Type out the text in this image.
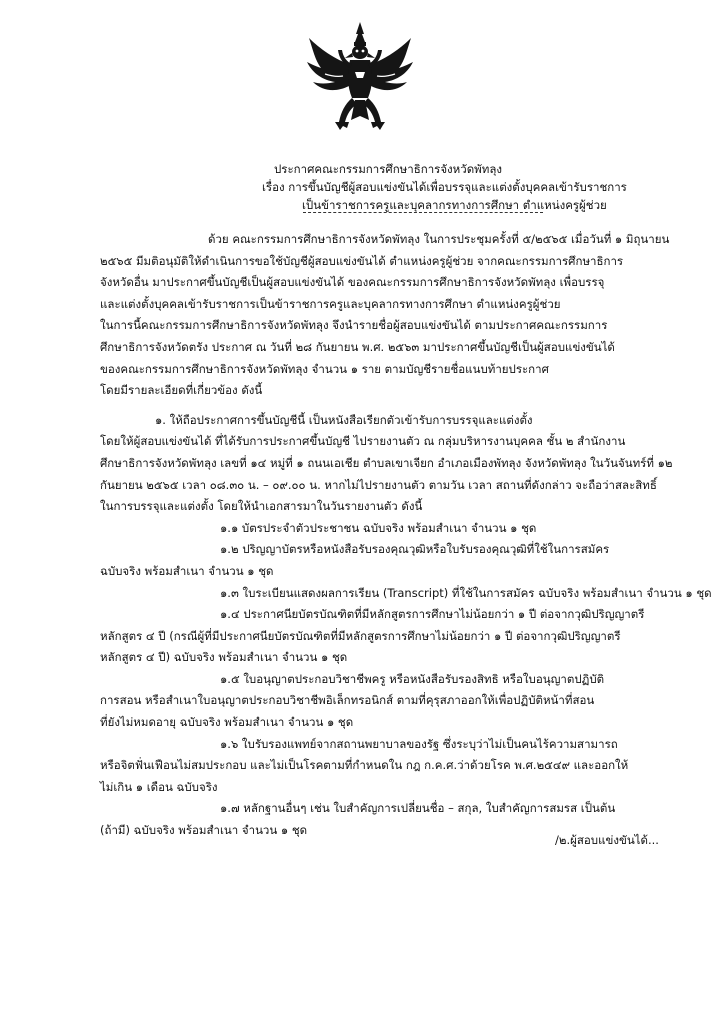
ประกาศคณะกรรมการศึกษาธิการจังหวัดพัทลุง
เรื่อง การขึ้นบัญชีผู้สอบแข่งขันได้เพื่อบรรจุและแต่งตั้งบุคคลเข้ารับราชการ
เป็นข้าราชการครูและบุคลากรทางการศึกษา ตำแหน่งครูผู้ช่วย
ด้วย คณะกรรมการศึกษาธิการจังหวัดพัทลุง ในการประชุมครั้งที่ ๕/๒๕๖๕ เมื่อวันที่ ๑ มิถุนายน
๒๕๖๕ มีมติอนุมัติให้ดำเนินการขอใช้บัญชีผู้สอบแข่งขันได้ ตำแหน่งครูผู้ช่วย จากคณะกรรมการศึกษาธิการ
จังหวัดอื่น มาประกาศขึ้นบัญชีเป็นผู้สอบแข่งขันได้ ของคณะกรรมการศึกษาธิการจังหวัดพัทลุง เพื่อบรรจุ
และแต่งตั้งบุคคลเข้ารับราชการเป็นข้าราชการครูและบุคลากรทางการศึกษา ตำแหน่งครูผู้ช่วย
ในการนี้คณะกรรมการศึกษาธิการจังหวัดพัทลุง จึงนำรายชื่อผู้สอบแข่งขันได้ ตามประกาศคณะกรรมการ
ศึกษาธิการจังหวัดตรัง ประกาศ ณ วันที่ ๒๘ กันยายน พ.ศ. ๒๕๖๓ มาประกาศขึ้นบัญชีเป็นผู้สอบแข่งขันได้
ของคณะกรรมการศึกษาธิการจังหวัดพัทลุง จำนวน ๑ ราย ตามบัญชีรายชื่อแนบท้ายประกาศ
โดยมีรายละเอียดที่เกี่ยวข้อง ดังนี้
๑. ให้ถือประกาศการขึ้นบัญชีนี้ เป็นหนังสือเรียกตัวเข้ารับการบรรจุและแต่งตั้ง
โดยให้ผู้สอบแข่งขันได้ ที่ได้รับการประกาศขึ้นบัญชี ไปรายงานตัว ณ กลุ่มบริหารงานบุคคล ชั้น ๒ สำนักงาน
ศึกษาธิการจังหวัดพัทลุง เลขที่ ๑๔ หมู่ที่ ๑ ถนนเอเชีย ตำบลเขาเจียก อำเภอเมืองพัทลุง จังหวัดพัทลุง ในวันจันทร์ที่ ๑๒
กันยายน ๒๕๖๕ เวลา ๐๘.๓๐ น. – ๐๙.๐๐ น. หากไม่ไปรายงานตัว ตามวัน เวลา สถานที่ดังกล่าว จะถือว่าสละสิทธิ์
ในการบรรจุและแต่งตั้ง โดยให้นำเอกสารมาในวันรายงานตัว ดังนี้
๑.๑ บัตรประจำตัวประชาชน ฉบับจริง พร้อมสำเนา จำนวน ๑ ชุด
๑.๒ ปริญญาบัตรหรือหนังสือรับรองคุณวุฒิหรือใบรับรองคุณวุฒิที่ใช้ในการสมัคร
ฉบับจริง พร้อมสำเนา จำนวน ๑ ชุด
๑.๓ ใบระเบียนแสดงผลการเรียน (Transcript) ที่ใช้ในการสมัคร ฉบับจริง พร้อมสำเนา จำนวน ๑ ชุด
๑.๔ ประกาศนียบัตรบัณฑิตที่มีหลักสูตรการศึกษาไม่น้อยกว่า ๑ ปี ต่อจากวุฒิปริญญาตรี
หลักสูตร ๔ ปี (กรณีผู้ที่มีประกาศนียบัตรบัณฑิตที่มีหลักสูตรการศึกษาไม่น้อยกว่า ๑ ปี ต่อจากวุฒิปริญญาตรี
หลักสูตร ๔ ปี) ฉบับจริง พร้อมสำเนา จำนวน ๑ ชุด
๑.๕ ใบอนุญาตประกอบวิชาชีพครู หรือหนังสือรับรองสิทธิ หรือใบอนุญาตปฏิบัติ
การสอน หรือสำเนาใบอนุญาตประกอบวิชาชีพอิเล็กทรอนิกส์ ตามที่คุรุสภาออกให้เพื่อปฏิบัติหน้าที่สอน
ที่ยังไม่หมดอายุ ฉบับจริง พร้อมสำเนา จำนวน ๑ ชุด
๑.๖ ใบรับรองแพทย์จากสถานพยาบาลของรัฐ ซึ่งระบุว่าไม่เป็นคนไร้ความสามารถ
หรือจิตฟั่นเฟือนไม่สมประกอบ และไม่เป็นโรคตามที่กำหนดใน กฎ ก.ค.ศ.ว่าด้วยโรค พ.ศ.๒๕๔๙ และออกให้
ไม่เกิน ๑ เดือน ฉบับจริง
๑.๗ หลักฐานอื่นๆ เช่น ใบสำคัญการเปลี่ยนชื่อ – สกุล, ใบสำคัญการสมรส เป็นต้น
(ถ้ามี) ฉบับจริง พร้อมสำเนา จำนวน ๑ ชุด
/๒.ผู้สอบแข่งขันได้...
